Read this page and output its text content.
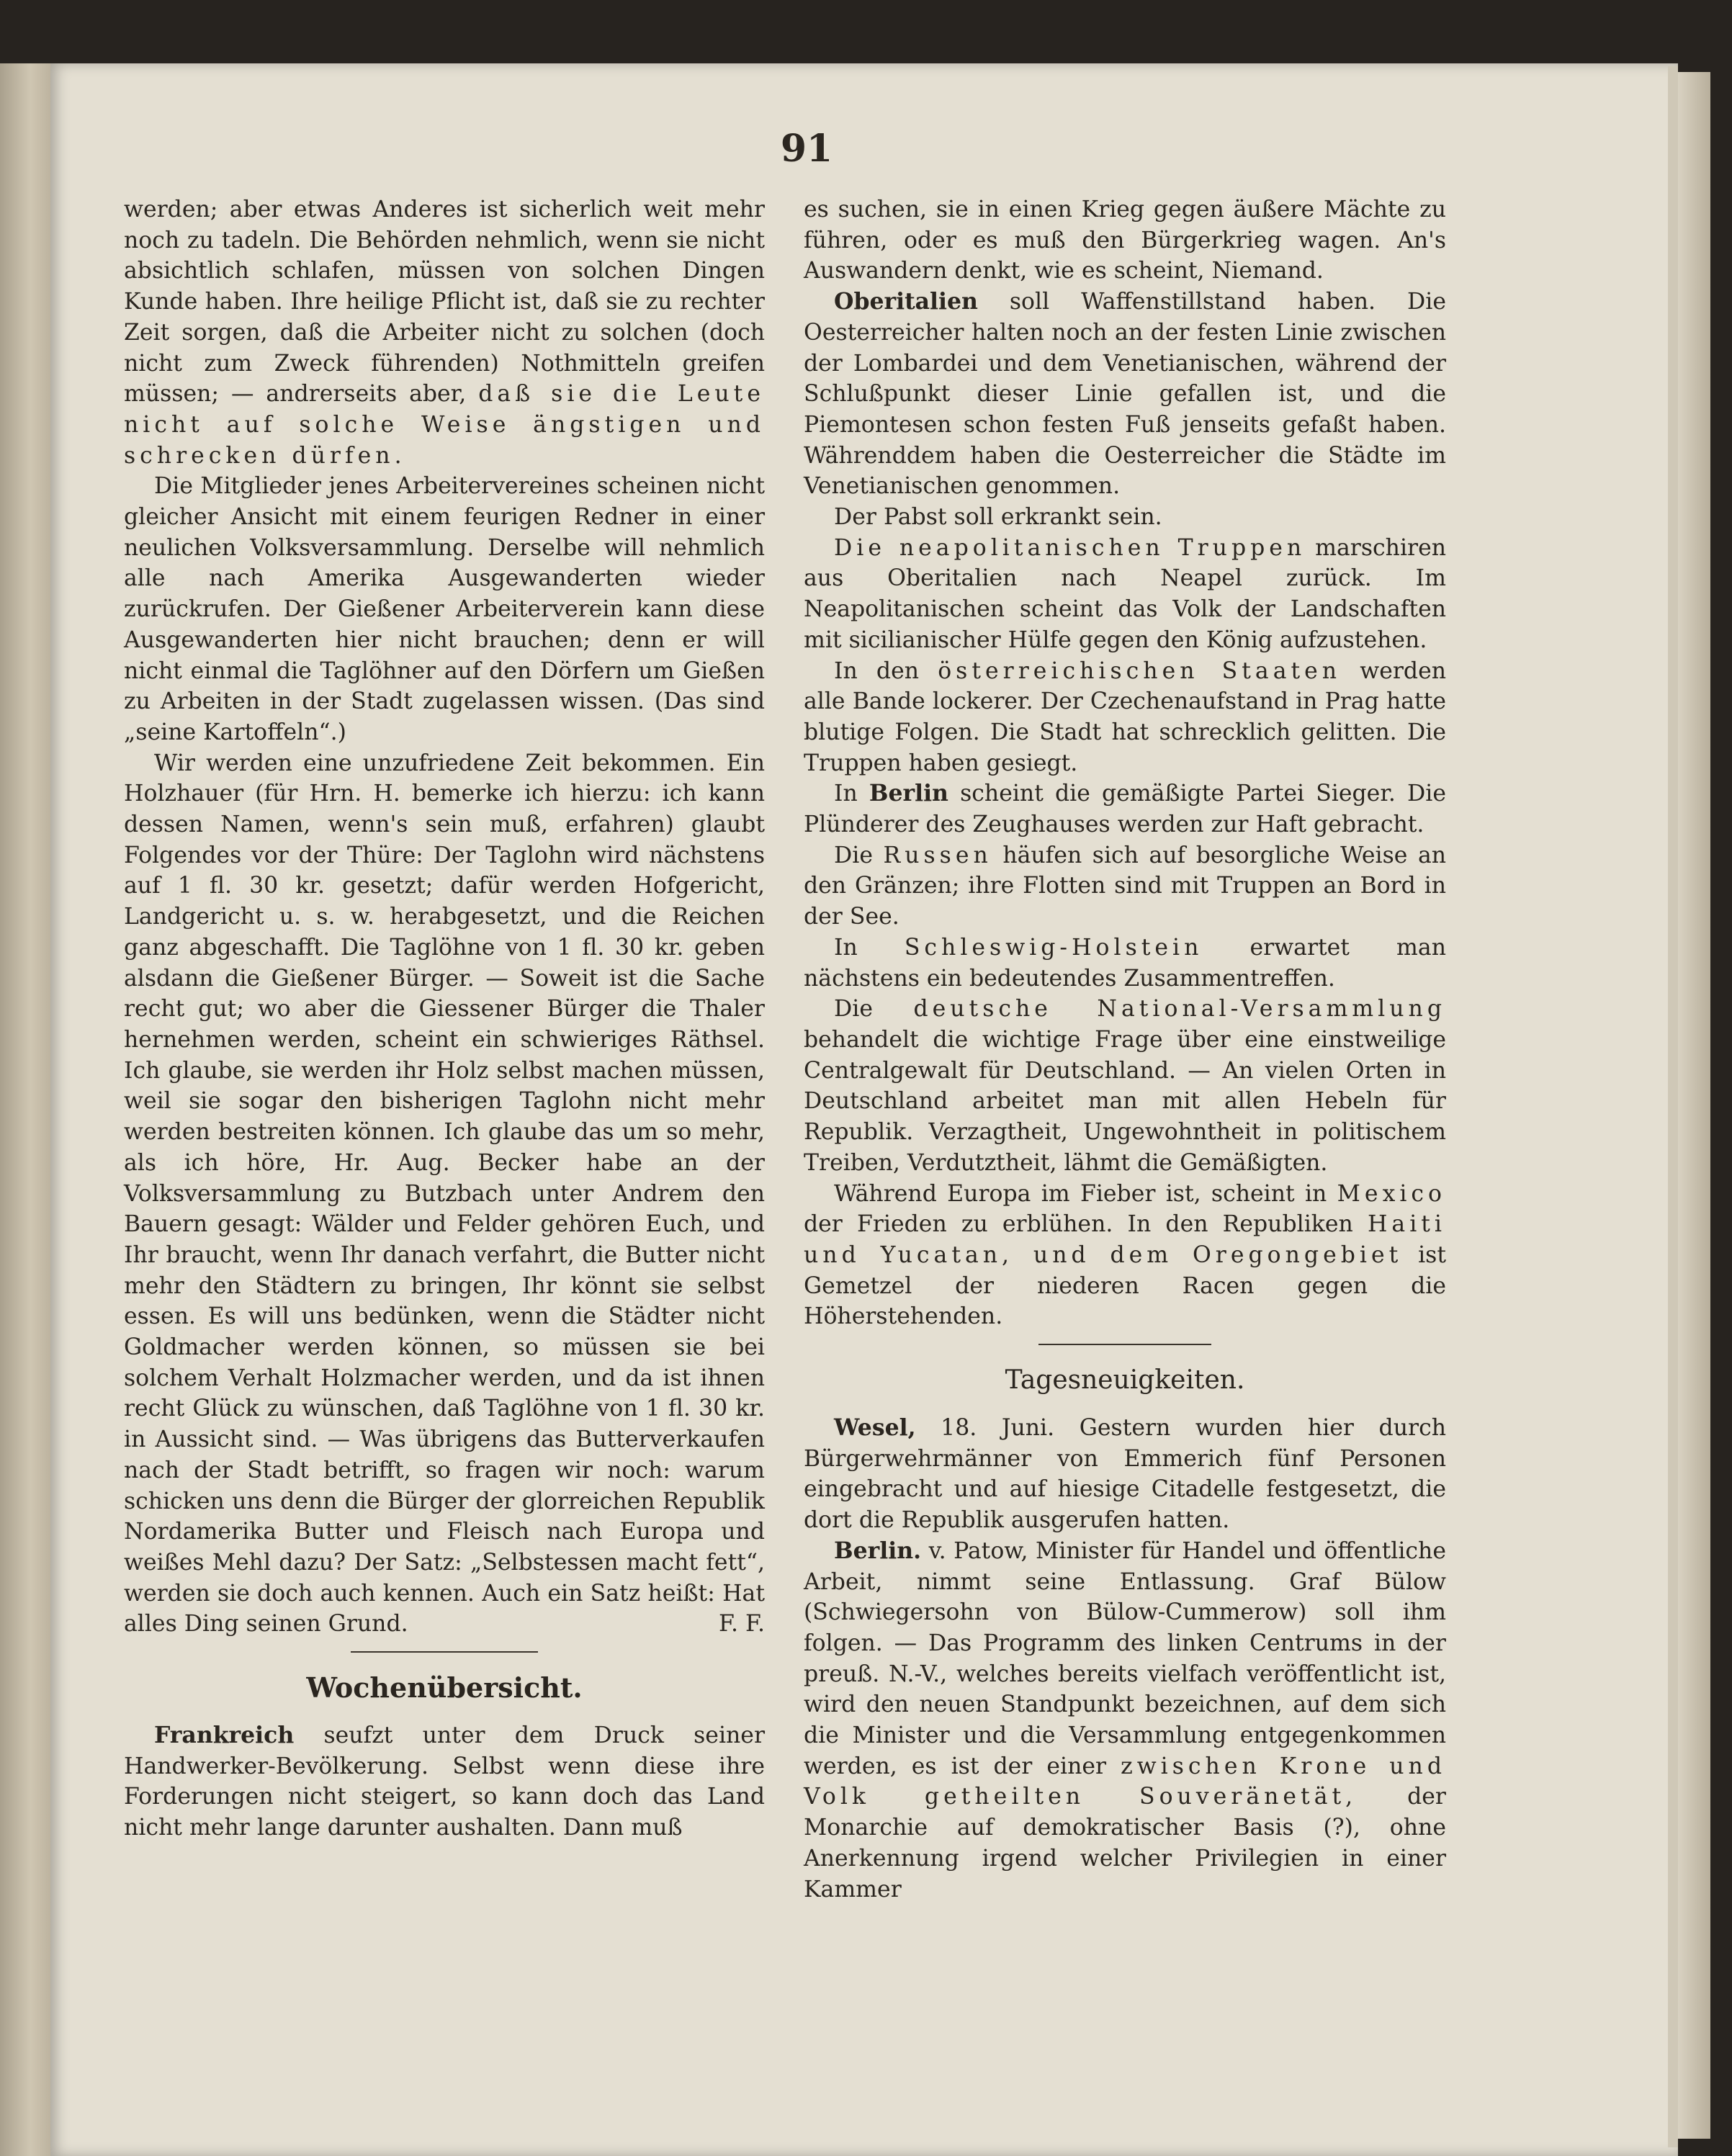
91

werden; aber etwas Anderes ist sicherlich weit mehr noch zu tadeln. Die Behörden nehmlich, wenn sie nicht absichtlich schlafen, müssen von solchen Dingen Kunde haben. Ihre heilige Pflicht ist, daß sie zu rechter Zeit sorgen, daß die Arbeiter nicht zu solchen (doch nicht zum Zweck führenden) Nothmitteln greifen müssen; — andrerseits aber, daß sie die Leute nicht auf solche Weise ängstigen und schrecken dürfen.

Die Mitglieder jenes Arbeitervereines scheinen nicht gleicher Ansicht mit einem feurigen Redner in einer neulichen Volksversammlung. Derselbe will nehmlich alle nach Amerika Ausgewanderten wieder zurückrufen. Der Gießener Arbeiterverein kann diese Ausgewanderten hier nicht brauchen; denn er will nicht einmal die Taglöhner auf den Dörfern um Gießen zu Arbeiten in der Stadt zugelassen wissen. (Das sind „seine Kartoffeln“.)

Wir werden eine unzufriedene Zeit bekommen. Ein Holzhauer (für Hrn. H. bemerke ich hierzu: ich kann dessen Namen, wenn's sein muß, erfahren) glaubt Folgendes vor der Thüre: Der Taglohn wird nächstens auf 1 fl. 30 kr. gesetzt; dafür werden Hofgericht, Landgericht u. s. w. herabgesetzt, und die Reichen ganz abgeschafft. Die Taglöhne von 1 fl. 30 kr. geben alsdann die Gießener Bürger. — Soweit ist die Sache recht gut; wo aber die Giessener Bürger die Thaler hernehmen werden, scheint ein schwieriges Räthsel. Ich glaube, sie werden ihr Holz selbst machen müssen, weil sie sogar den bisherigen Taglohn nicht mehr werden bestreiten können. Ich glaube das um so mehr, als ich höre, Hr. Aug. Becker habe an der Volksversammlung zu Butzbach unter Andrem den Bauern gesagt: Wälder und Felder gehören Euch, und Ihr braucht, wenn Ihr danach verfahrt, die Butter nicht mehr den Städtern zu bringen, Ihr könnt sie selbst essen. Es will uns bedünken, wenn die Städter nicht Goldmacher werden können, so müssen sie bei solchem Verhalt Holzmacher werden, und da ist ihnen recht Glück zu wünschen, daß Taglöhne von 1 fl. 30 kr. in Aussicht sind. — Was übrigens das Butterverkaufen nach der Stadt betrifft, so fragen wir noch: warum schicken uns denn die Bürger der glorreichen Republik Nordamerika Butter und Fleisch nach Europa und weißes Mehl dazu? Der Satz: „Selbstessen macht fett“, werden sie doch auch kennen. Auch ein Satz heißt: Hat alles Ding seinen Grund.	F. F.

Wochenübersicht.

Frankreich seufzt unter dem Druck seiner Handwerker-Bevölkerung. Selbst wenn diese ihre Forderungen nicht steigert, so kann doch das Land nicht mehr lange darunter aushalten. Dann muß

es suchen, sie in einen Krieg gegen äußere Mächte zu führen, oder es muß den Bürgerkrieg wagen. An's Auswandern denkt, wie es scheint, Niemand.

Oberitalien soll Waffenstillstand haben. Die Oesterreicher halten noch an der festen Linie zwischen der Lombardei und dem Venetianischen, während der Schlußpunkt dieser Linie gefallen ist, und die Piemontesen schon festen Fuß jenseits gefaßt haben. Währenddem haben die Oesterreicher die Städte im Venetianischen genommen.

Der Pabst soll erkrankt sein.

Die neapolitanischen Truppen marschiren aus Oberitalien nach Neapel zurück. Im Neapolitanischen scheint das Volk der Landschaften mit sicilianischer Hülfe gegen den König aufzustehen.

In den österreichischen Staaten werden alle Bande lockerer. Der Czechenaufstand in Prag hatte blutige Folgen. Die Stadt hat schrecklich gelitten. Die Truppen haben gesiegt.

In Berlin scheint die gemäßigte Partei Sieger. Die Plünderer des Zeughauses werden zur Haft gebracht.

Die Russen häufen sich auf besorgliche Weise an den Gränzen; ihre Flotten sind mit Truppen an Bord in der See.

In Schleswig-Holstein erwartet man nächstens ein bedeutendes Zusammentreffen.

Die deutsche National-Versammlung behandelt die wichtige Frage über eine einstweilige Centralgewalt für Deutschland. — An vielen Orten in Deutschland arbeitet man mit allen Hebeln für Republik. Verzagtheit, Ungewohntheit in politischem Treiben, Verdutztheit, lähmt die Gemäßigten.

Während Europa im Fieber ist, scheint in Mexico der Frieden zu erblühen. In den Republiken Haiti und Yucatan, und dem Oregongebiet ist Gemetzel der niederen Racen gegen die Höherstehenden.

Tagesneuigkeiten.

Wesel, 18. Juni. Gestern wurden hier durch Bürgerwehrmänner von Emmerich fünf Personen eingebracht und auf hiesige Citadelle festgesetzt, die dort die Republik ausgerufen hatten.

Berlin. v. Patow, Minister für Handel und öffentliche Arbeit, nimmt seine Entlassung. Graf Bülow (Schwiegersohn von Bülow-Cummerow) soll ihm folgen. — Das Programm des linken Centrums in der preuß. N.-V., welches bereits vielfach veröffentlicht ist, wird den neuen Standpunkt bezeichnen, auf dem sich die Minister und die Versammlung entgegenkommen werden, es ist der einer zwischen Krone und Volk getheilten Souveränetät, der Monarchie auf demokratischer Basis (?), ohne Anerkennung irgend welcher Privilegien in einer Kammer
